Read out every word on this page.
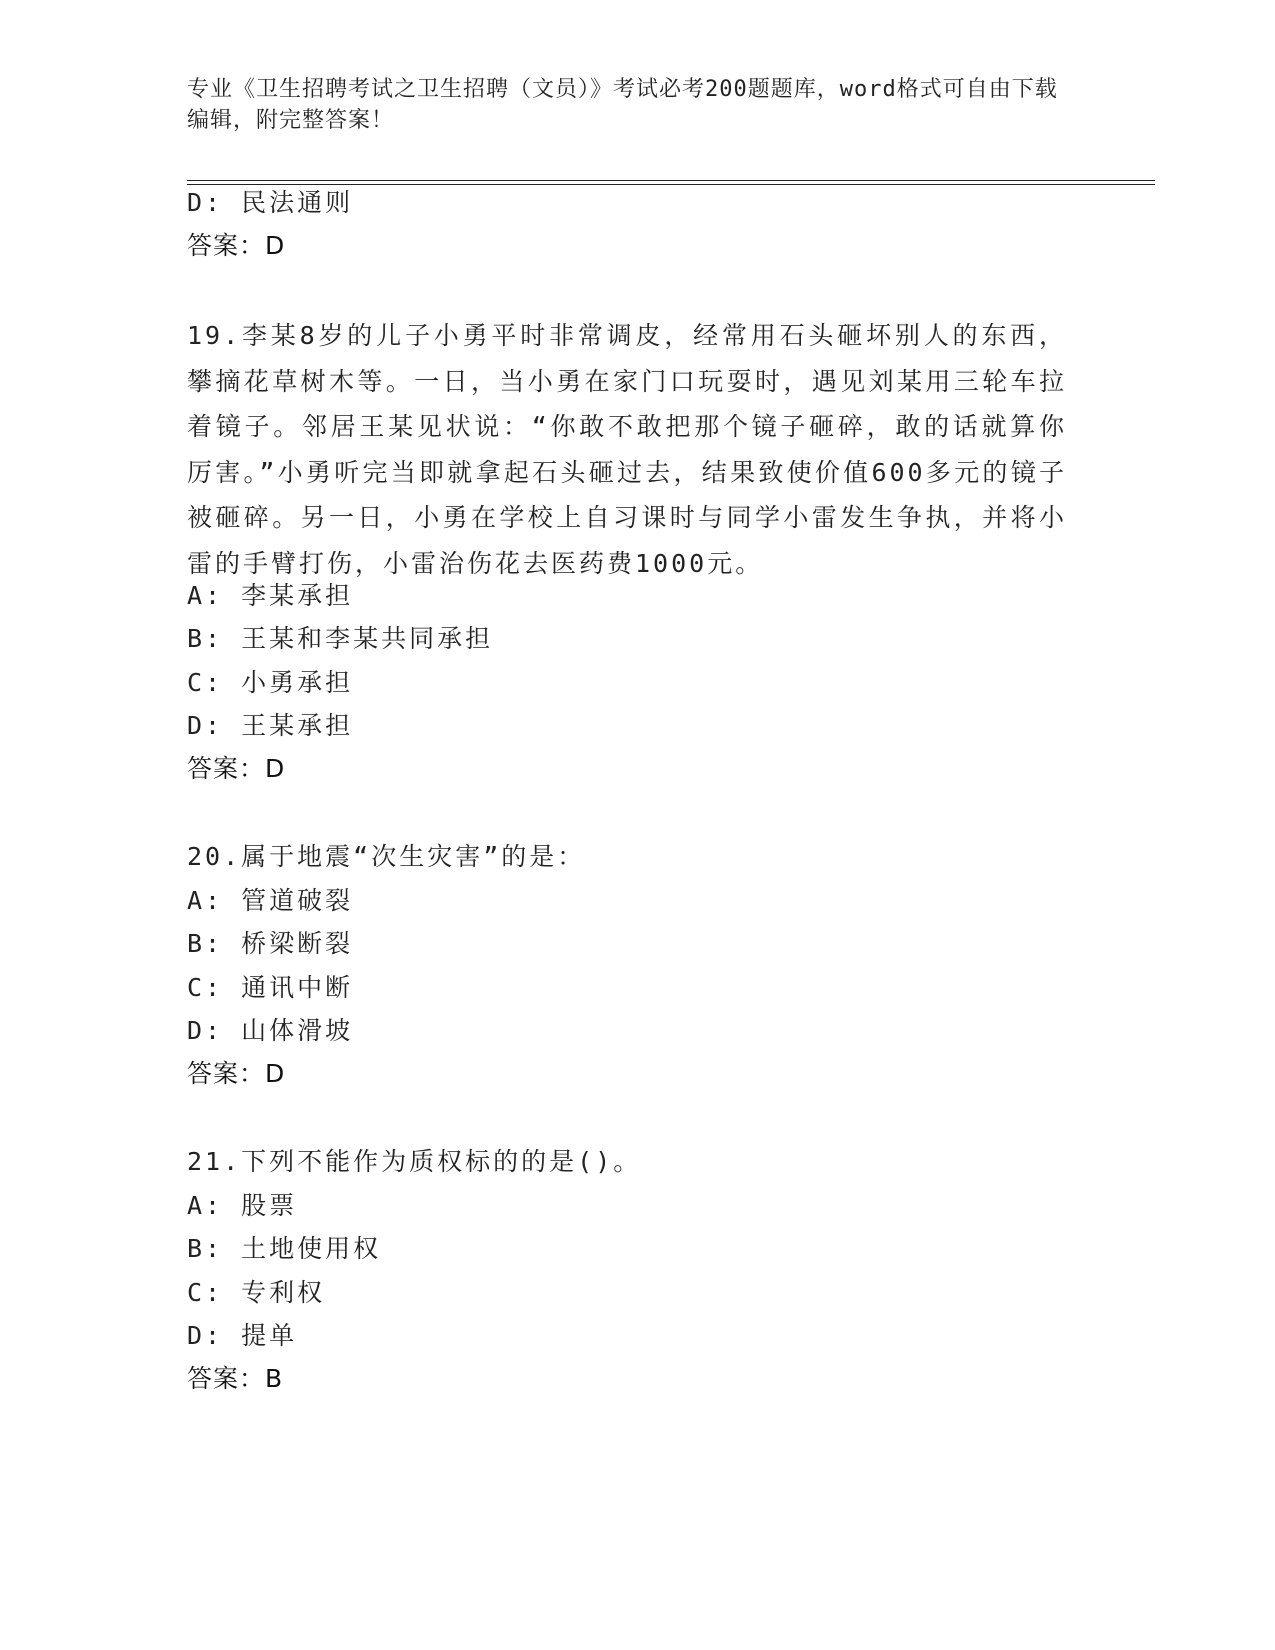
专业《卫生招聘考试之卫生招聘（文员）》考试必考200题题库，word格式可自由下载编辑，附完整答案！
D: 民法通则
答案：D
19.李某8岁的儿子小勇平时非常调皮，经常用石头砸坏别人的东西，攀摘花草树木等。一日，当小勇在家门口玩耍时，遇见刘某用三轮车拉着镜子。邻居王某见状说：“你敢不敢把那个镜子砸碎，敢的话就算你厉害。”小勇听完当即就拿起石头砸过去，结果致使价值600多元的镜子被砸碎。另一日，小勇在学校上自习课时与同学小雷发生争执，并将小雷的手臂打伤，小雷治伤花去医药费1000元。
A: 李某承担
B: 王某和李某共同承担
C: 小勇承担
D: 王某承担
答案：D
20.属于地震“次生灾害”的是：
A: 管道破裂
B: 桥梁断裂
C: 通讯中断
D: 山体滑坡
答案：D
21.下列不能作为质权标的的是()。
A: 股票
B: 土地使用权
C: 专利权
D: 提单
答案：B
